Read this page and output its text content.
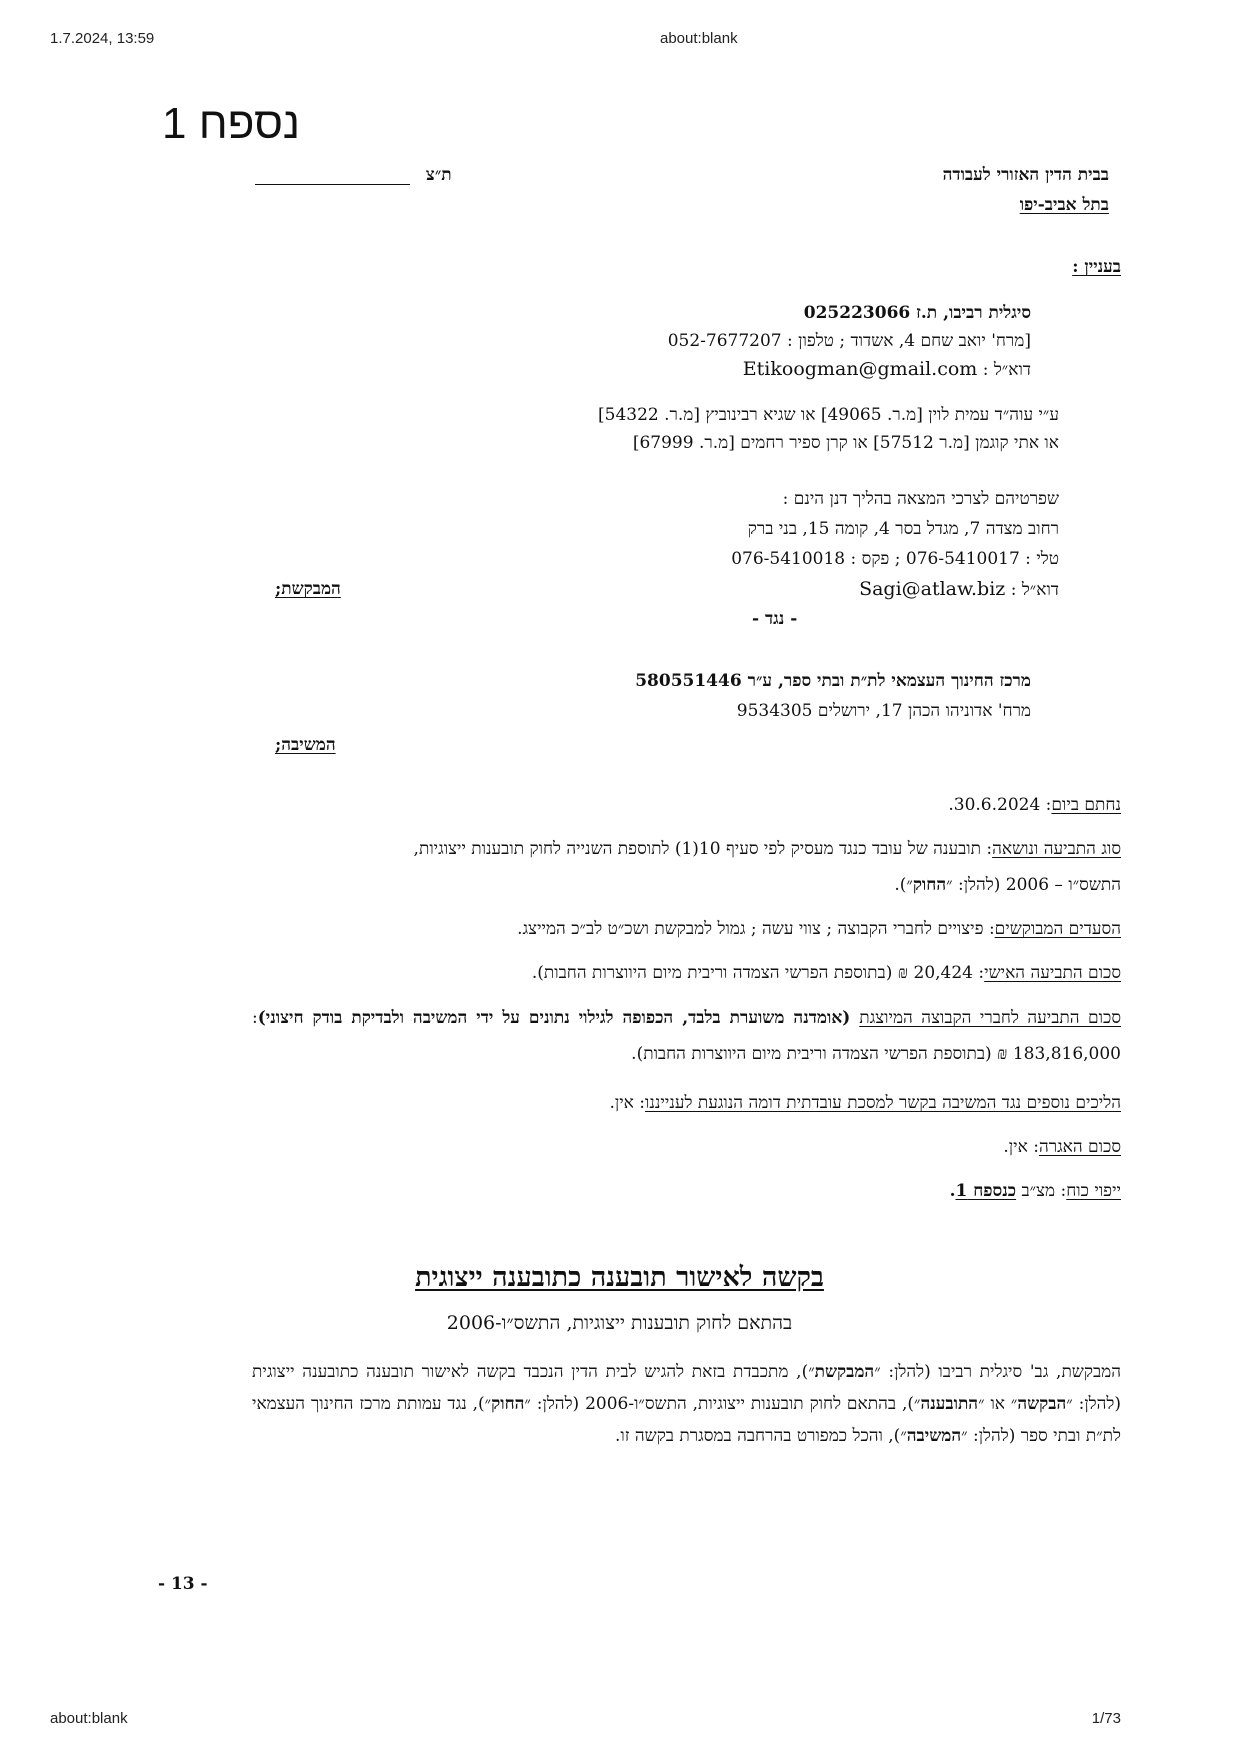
1.7.2024, 13:59	about:blank
about:blank	1/73
נספח 1
בבית הדין האזורי לעבודה
בתל אביב-יפו
ת״צ
בעניין :
סיגלית רביבו, ת.ז 025223066
[מרח' יואב שחם 4, אשדוד ; טלפון : 052-7677207
דוא״ל : Etikoogman@gmail.com
ע״י עוה״ד עמית לוין [מ.ר. 49065] או שגיא רבינוביץ [מ.ר. 54322]
או אתי קוגמן [מ.ר 57512] או קרן ספיר רחמים [מ.ר. 67999]
שפרטיהם לצרכי המצאה בהליך דנן הינם :
רחוב מצדה 7, מגדל בסר 4, קומה 15, בני ברק
טלי : 076-5410017 ; פקס : 076-5410018
דוא״ל : Sagi@atlaw.biz
המבקשת;
- נגד -
מרכז החינוך העצמאי לת״ת ובתי ספר, ע״ר 580551446
מרח' אדוניהו הכהן 17, ירושלים 9534305
המשיבה;
נחתם ביום: 30.6.2024.
סוג התביעה ונושאה: תובענה של עובד כנגד מעסיק לפי סעיף 10(1) לתוספת השנייה לחוק תובענות ייצוגיות,
התשס״ו – 2006 (להלן: ״החוק״).
הסעדים המבוקשים: פיצויים לחברי הקבוצה ; צווי עשה ; גמול למבקשת ושכ״ט לב״כ המייצג.
סכום התביעה האישי: 20,424 ₪ (בתוספת הפרשי הצמדה וריבית מיום היווצרות החבות).
סכום התביעה לחברי הקבוצה המיוצגת (אומדנה משוערת בלבד, הכפופה לגילוי נתונים על ידי המשיבה ולבדיקת בודק חיצוני): 183,816,000 ₪ (בתוספת הפרשי הצמדה וריבית מיום היווצרות החבות).
הליכים נוספים נגד המשיבה בקשר למסכת עובדתית דומה הנוגעת לענייננו: אין.
סכום האגרה: אין.
ייפוי כוח: מצ״ב כנספח 1.
בקשה לאישור תובענה כתובענה ייצוגית
בהתאם לחוק תובענות ייצוגיות, התשס״ו-2006
המבקשת, גב' סיגלית רביבו (להלן: ״המבקשת״), מתכבדת בזאת להגיש לבית הדין הנכבד בקשה לאישור תובענה כתובענה ייצוגית (להלן: ״הבקשה״ או ״התובענה״), בהתאם לחוק תובענות ייצוגיות, התשס״ו-2006 (להלן: ״החוק״), נגד עמותת מרכז החינוך העצמאי לת״ת ובתי ספר (להלן: ״המשיבה״), והכל כמפורט בהרחבה במסגרת בקשה זו.
- 13 -
